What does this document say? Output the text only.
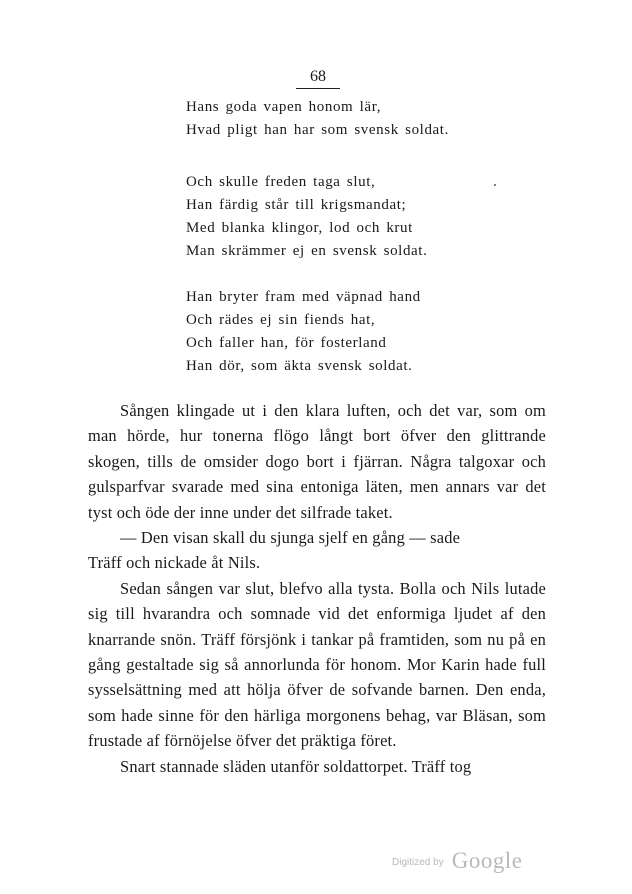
68
Hans goda vapen honom lär,
Hvad pligt han har som svensk soldat.
Och skulle freden taga slut,
Han färdig står till krigsmandat;
Med blanka klingor, lod och krut
Man skrämmer ej en svensk soldat.
Han bryter fram med väpnad hand
Och rädes ej sin fiends hat,
Och faller han, för fosterland
Han dör, som äkta svensk soldat.

Sången klingade ut i den klara luften, och det var, som om man hörde, hur tonerna flögo långt bort öfver den glittrande skogen, tills de omsider dogo bort i fjärran. Några talgoxar och gulsparfvar svarade med sina entoniga läten, men annars var det tyst och öde der inne under det silfrade taket.

— Den visan skall du sjunga sjelf en gång — sade

Träff och nickade åt Nils.

Sedan sången var slut, blefvo alla tysta. Bolla och Nils lutade sig till hvarandra och somnade vid det enformiga ljudet af den knarrande snön. Träff försjönk i tankar på framtiden, som nu på en gång gestaltade sig så annorlunda för honom. Mor Karin hade full sysselsättning med att hölja öfver de sofvande barnen. Den enda, som hade sinne för den härliga morgonens behag, var Bläsan, som frustade af förnöjelse öfver det präktiga föret.

Snart stannade släden utanför soldattorpet. Träff tog

Digitized by Google
